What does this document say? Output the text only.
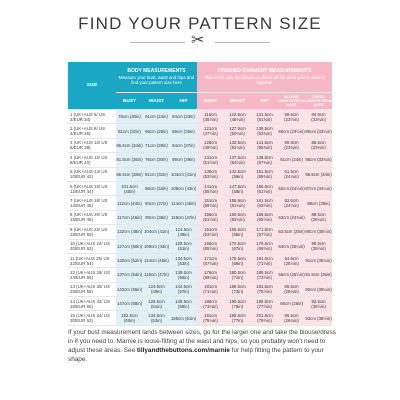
FIND YOUR PATTERN SIZE
✂
SIZE	BODY MEASUREMENTS
Measure your bust, waist and hips and find your pattern size here			FINISHED GARMENT MEASUREMENTS
This is the size the blouse or dress will be once you've sewn it together				
	BUST	WAIST	HIP	BUST	WAIST	HIP	BLOUSE LENGTH FROM NAPE	DRESS LENGTH FROM NAPE
1 (UK+AUS 6/ US 2/EUR 34)	76cm (30in)	61cm (24in)	84cm (33in)	116cm (45½in)	122.5cm (48¼in)	131.5cm (51¾in)	59.5cm (23½in)	84.5cm (33¼in)
2 (UK+AUS 8/ US 4/EUR 36)	81cm (32in)	66cm (26in)	89cm (35in)	121cm (47½in)	127.5cm (50¼in)	136.5cm (53¾in)	60cm (23½in)	85cm (33½in)
3 (UK+AUS 10/ US 6/EUR 38)	86.5cm (34in)	71cm (28in)	94cm (37in)	126cm (49½in)	132.5cm (52¼in)	141.5cm (55¾in)	60.5cm (23¾in)	85.5cm (33¾in)
4 (UK+AUS 12/ US 8/EUR 40)	91.5cm (36in)	76cm (30in)	99cm (39in)	131cm (51½in)	137.5cm (54¼in)	146.5cm (57¾in)	61cm (24in)	86cm (33¾in)
5 (UK+AUS 14/ US 10/EUR 42)	96.5cm (38in)	81cm (32in)	104cm (41in)	136cm (53½in)	142.5cm (56in)	151.5cm (59¾in)	61.5cm (24¼in)	86.5cm (34in)
6 (UK+AUS 16/ US 12/EUR 44)	101.5cm (40in)	86cm (34in)	109cm (43in)	141cm (55½in)	147.5cm (58in)	156.5cm (61½in)	62cm (24½in)	87cm (34¼in)
7 (UK+AUS 18/ US 14/EUR 46)	112cm (44in)	94cm (37in)	114cm (45in)	151cm (59½in)	155.5cm (61¼in)	161.5cm (63½in)	62.5cm (24½in)	89cm (35in)
8 (UK+AUS 20/ US 16/EUR 48)	117cm (46in)	99cm (39in)	119cm (47in)	156cm (61½in)	160.5cm (63¼in)	166.5cm (65½in)	63cm (24¾in)	89.5cm (35¼in)
9 (UK+AUS 22/ US 18/EUR 50)	122cm (48in)	104cm (41in)	124.5cm (49in)	161cm (63½in)	165.5cm (65in)	171.5cm (67½in)	63.5cm (25in)	90cm (35½in)
10 (UK+AUS 24/ US 20/EUR 52)	127cm (50in)	109cm (43in)	129.5cm (51in)	166cm (65½in)	170.5cm (67in)	176.5cm (69½in)	64cm (25¼in)	90.5cm (35½in)
11 (UK+AUS 26/ US 22/EUR 54)	132cm (52in)	114cm (45in)	134.5cm (53in)	171cm (67¼in)	175.5cm (69in)	181.5cm (71½in)	64.5cm (25½in)	91cm (35¾in)
12 (UK+AUS 28/ US 24/EUR 56)	137cm (54in)	119cm (47in)	139.5cm (55in)	176cm (69¼in)	180.5cm (71in)	186.5cm (73½in)	65cm (25½in)	91.5cm (36in)
13 (UK+AUS 30/ US 26/EUR 58)	142cm (56in)	124.5cm (49in)	144.5cm (57in)	181cm (71¼in)	185.5cm (73in)	191.5cm (75½in)	65.5cm (25¾in)	92cm (36¼in)
14 (UK+AUS 32/ US 28/EUR 60)	147cm (58in)	129.5cm (51in)	149.5cm (59in)	186cm (73¼in)	190.5cm (75in)	196.5cm (77½in)	66cm (26in)	92.5cm (36½in)
15 (UK+AUS 34/ US 30/EUR 62)	152.5cm (60in)	134.5cm (53in)	155cm (61in)	191cm (75¼in)	195.5cm (77in)	201.5cm (79½in)	66.5cm (26¼in)	93cm (36½in)
If your bust measurement lands between sizes, go for the larger one and take the blouse/dress in if you need to. Marnie is loose-fitting at the waist and hips, so you probably won't need to adjust these areas. See tillyandthebuttons.com/marnie for help fitting the pattern to your shape.
